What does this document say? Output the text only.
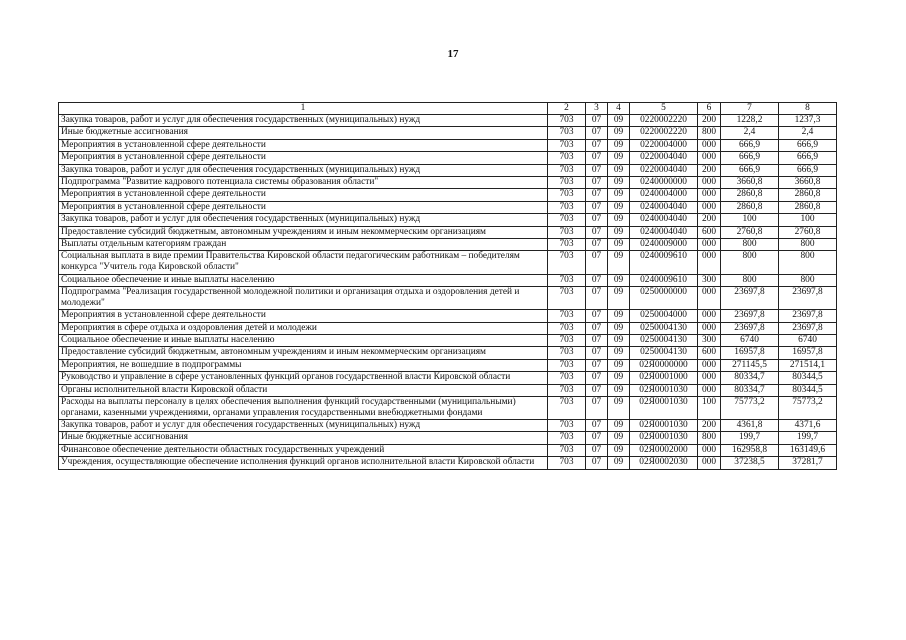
17
1	2	3	4	5	6	7	8
Закупка товаров, работ и услуг для обеспечения государственных (муниципальных) нужд	703	07	09	0220002220	200	1228,2	1237,3
Иные бюджетные ассигнования	703	07	09	0220002220	800	2,4	2,4
Мероприятия в установленной сфере деятельности	703	07	09	0220004000	000	666,9	666,9
Мероприятия в установленной сфере деятельности	703	07	09	0220004040	000	666,9	666,9
Закупка товаров, работ и услуг для обеспечения государственных (муниципальных) нужд	703	07	09	0220004040	200	666,9	666,9
Подпрограмма "Развитие кадрового потенциала системы образования области"	703	07	09	0240000000	000	3660,8	3660,8
Мероприятия в установленной сфере деятельности	703	07	09	0240004000	000	2860,8	2860,8
Мероприятия в установленной сфере деятельности	703	07	09	0240004040	000	2860,8	2860,8
Закупка товаров, работ и услуг для обеспечения государственных (муниципальных) нужд	703	07	09	0240004040	200	100	100
Предоставление субсидий бюджетным, автономным учреждениям и иным некоммерческим организациям	703	07	09	0240004040	600	2760,8	2760,8
Выплаты отдельным категориям граждан	703	07	09	0240009000	000	800	800
Социальная выплата в виде премии Правительства Кировской области педагогическим работникам – победителям конкурса "Учитель года Кировской области"	703	07	09	0240009610	000	800	800
Социальное обеспечение и иные выплаты населению	703	07	09	0240009610	300	800	800
Подпрограмма "Реализация государственной молодежной политики и организация отдыха и оздоровления детей и молодежи"	703	07	09	0250000000	000	23697,8	23697,8
Мероприятия в установленной сфере деятельности	703	07	09	0250004000	000	23697,8	23697,8
Мероприятия в сфере отдыха и оздоровления детей и молодежи	703	07	09	0250004130	000	23697,8	23697,8
Социальное обеспечение и иные выплаты населению	703	07	09	0250004130	300	6740	6740
Предоставление субсидий бюджетным, автономным учреждениям и иным некоммерческим организациям	703	07	09	0250004130	600	16957,8	16957,8
Мероприятия, не вошедшие в подпрограммы	703	07	09	02Я0000000	000	271145,5	271514,1
Руководство и управление в сфере установленных функций органов государственной власти Кировской области	703	07	09	02Я0001000	000	80334,7	80344,5
Органы исполнительной власти Кировской области	703	07	09	02Я0001030	000	80334,7	80344,5
Расходы на выплаты персоналу в целях обеспечения выполнения функций государственными (муниципальными) органами, казенными учреждениями, органами управления государственными внебюджетными фондами	703	07	09	02Я0001030	100	75773,2	75773,2
Закупка товаров, работ и услуг для обеспечения государственных (муниципальных) нужд	703	07	09	02Я0001030	200	4361,8	4371,6
Иные бюджетные ассигнования	703	07	09	02Я0001030	800	199,7	199,7
Финансовое обеспечение деятельности областных государственных учреждений	703	07	09	02Я0002000	000	162958,8	163149,6
Учреждения, осуществляющие обеспечение исполнения функций органов исполнительной власти Кировской области	703	07	09	02Я0002030	000	37238,5	37281,7
